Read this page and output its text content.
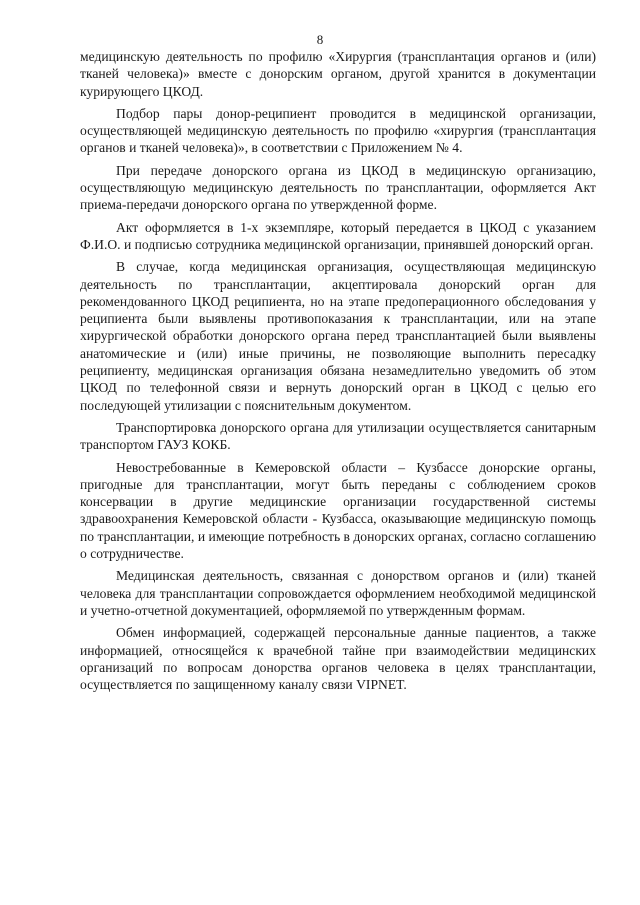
8

медицинскую деятельность по профилю «Хирургия (трансплантация органов и (или) тканей человека)» вместе с донорским органом, другой хранится в документации курирующего ЦКОД.

Подбор пары донор-реципиент проводится в медицинской организации, осуществляющей медицинскую деятельность по профилю «хирургия (трансплантация органов и тканей человека)», в соответствии с Приложением № 4.

При передаче донорского органа из ЦКОД в медицинскую организацию, осуществляющую медицинскую деятельность по трансплантации, оформляется Акт приема-передачи донорского органа по утвержденной форме.

Акт оформляется в 1-х экземпляре, который передается в ЦКОД с указанием Ф.И.О. и подписью сотрудника медицинской организации, принявшей донорский орган.

В случае, когда медицинская организация, осуществляющая медицинскую деятельность по трансплантации, акцептировала донорский орган для рекомендованного ЦКОД реципиента, но на этапе предоперационного обследования у реципиента были выявлены противопоказания к трансплантации, или на этапе хирургической обработки донорского органа перед трансплантацией были выявлены анатомические и (или) иные причины, не позволяющие выполнить пересадку реципиенту, медицинская организация обязана незамедлительно уведомить об этом ЦКОД по телефонной связи и вернуть донорский орган в ЦКОД с целью его последующей утилизации с пояснительным документом.

Транспортировка донорского органа для утилизации осуществляется санитарным транспортом ГАУЗ КОКБ.

Невостребованные в Кемеровской области – Кузбассе донорские органы, пригодные для трансплантации, могут быть переданы с соблюдением сроков консервации в другие медицинские организации государственной системы здравоохранения Кемеровской области - Кузбасса, оказывающие медицинскую помощь по трансплантации, и имеющие потребность в донорских органах, согласно соглашению о сотрудничестве.

Медицинская деятельность, связанная с донорством органов и (или) тканей человека для трансплантации сопровождается оформлением необходимой медицинской и учетно-отчетной документацией, оформляемой по утвержденным формам.

Обмен информацией, содержащей персональные данные пациентов, а также информацией, относящейся к врачебной тайне при взаимодействии медицинских организаций по вопросам донорства органов человека в целях трансплантации, осуществляется по защищенному каналу связи VIPNET.
